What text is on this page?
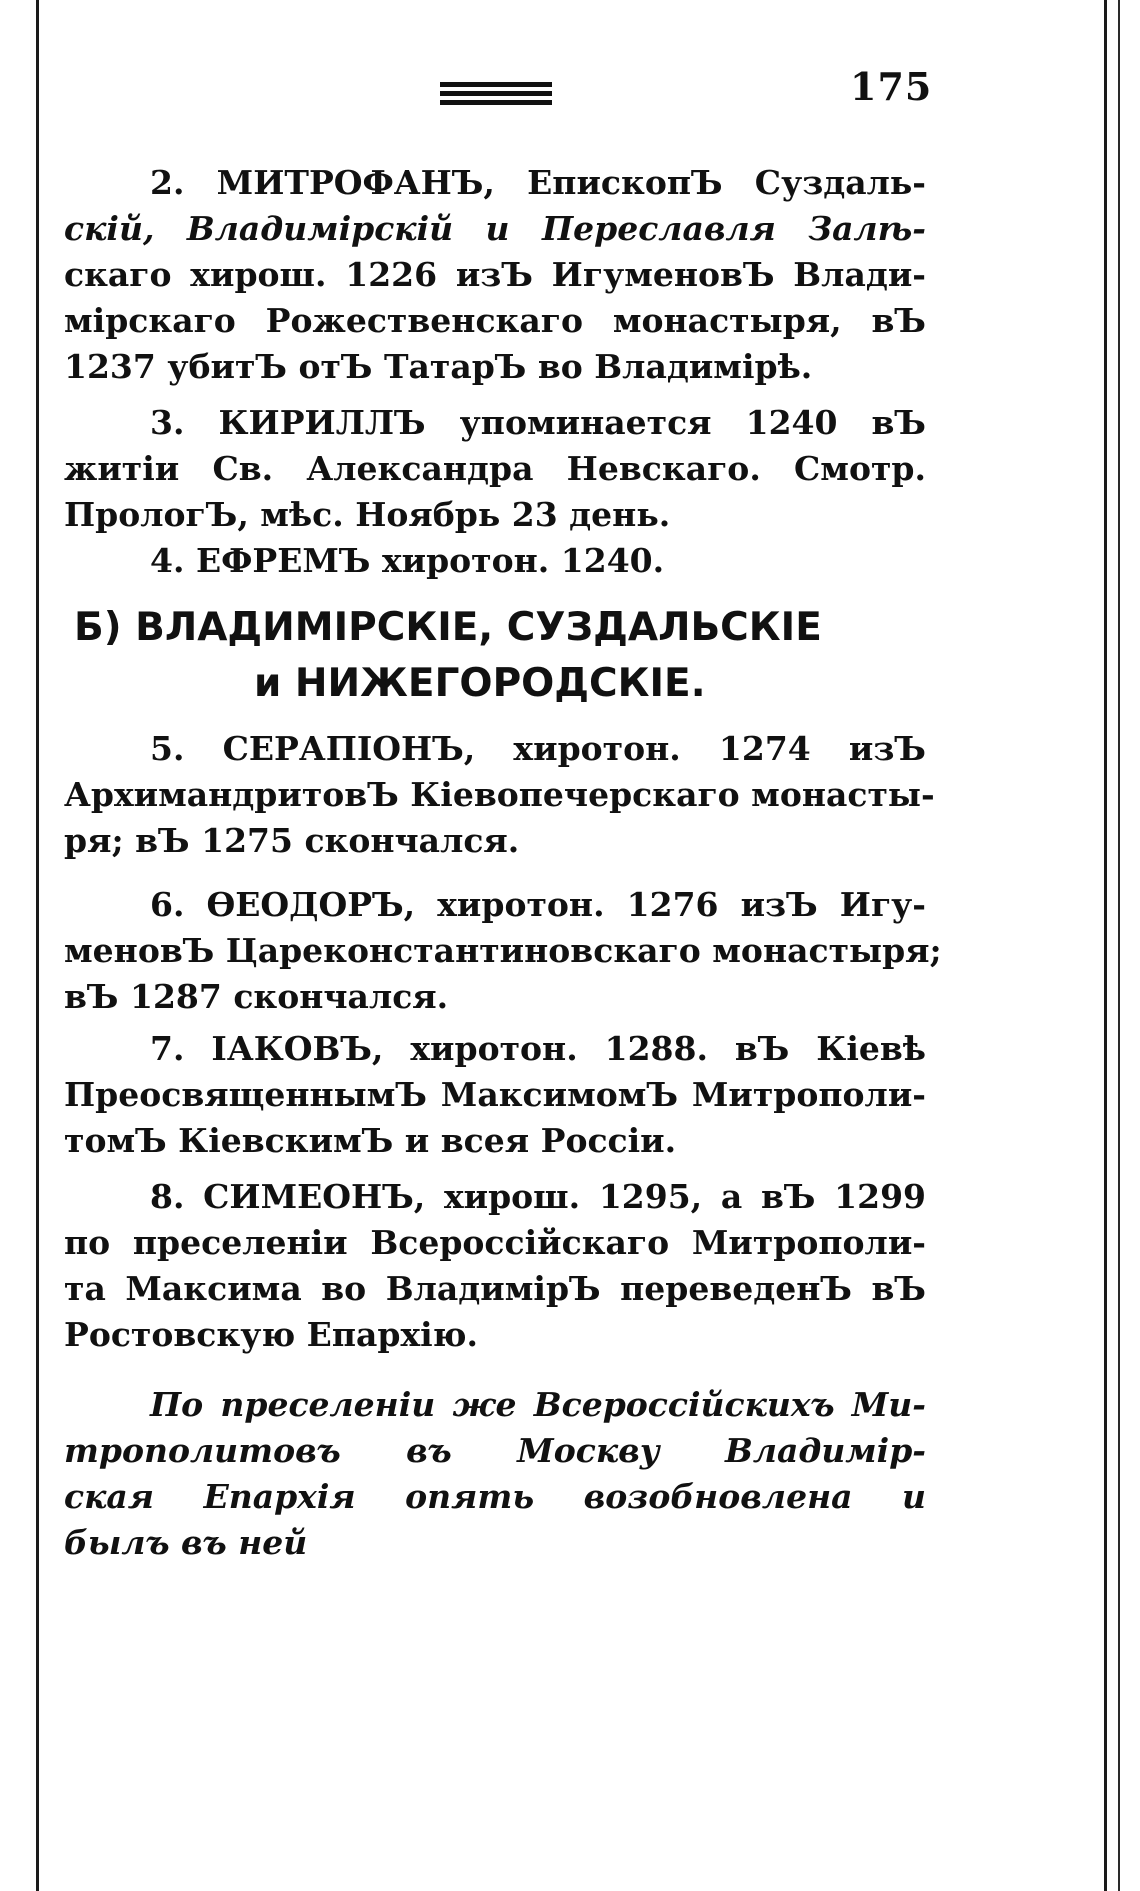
175
2. МИТРОФАНЪ, ЕпископЪ Суздаль-
скій, Владимірскій и Переславля Залѣ-
скаго хирош. 1226 изЪ ИгуменовЪ Влади-
мірскаго Рожественскаго монастыря, вЪ
1237 убитЪ отЪ ТатарЪ во Владимірѣ.
3. КИРИЛЛЪ упоминается 1240 вЪ
житіи Св. Александра Невскаго. Смотр.
ПрологЪ, мѣс. Ноябрь 23 день.
4. ЕФРЕМЪ хиротон. 1240.
Б) ВЛАДИМІРСКІЕ, СУЗДАЛЬСКІЕ
и НИЖЕГОРОДСКІЕ.
5. СЕРАПІОНЪ, хиротон. 1274 изЪ
АрхимандритовЪ Кіевопечерскаго монасты-
ря; вЪ 1275 скончался.
6. ѲЕОДОРЪ, хиротон. 1276 изЪ Игу-
меновЪ Цареконстантиновскаго монастыря;
вЪ 1287 скончался.
7. ІАКОВЪ, хиротон. 1288. вЪ Кіевѣ
ПреосвященнымЪ МаксимомЪ Митрополи-
томЪ КіевскимЪ и всея Россіи.
8. СИМЕОНЪ, хирош. 1295, а вЪ 1299
по преселеніи Всероссійскаго Митрополи-
та Максима во ВладимірЪ переведенЪ вЪ
Ростовскую Епархію.
По преселеніи же Всероссійскихъ Ми-
трополитовъ въ Москву Владимір-
ская Епархія опять возобновлена и
былъ въ ней
